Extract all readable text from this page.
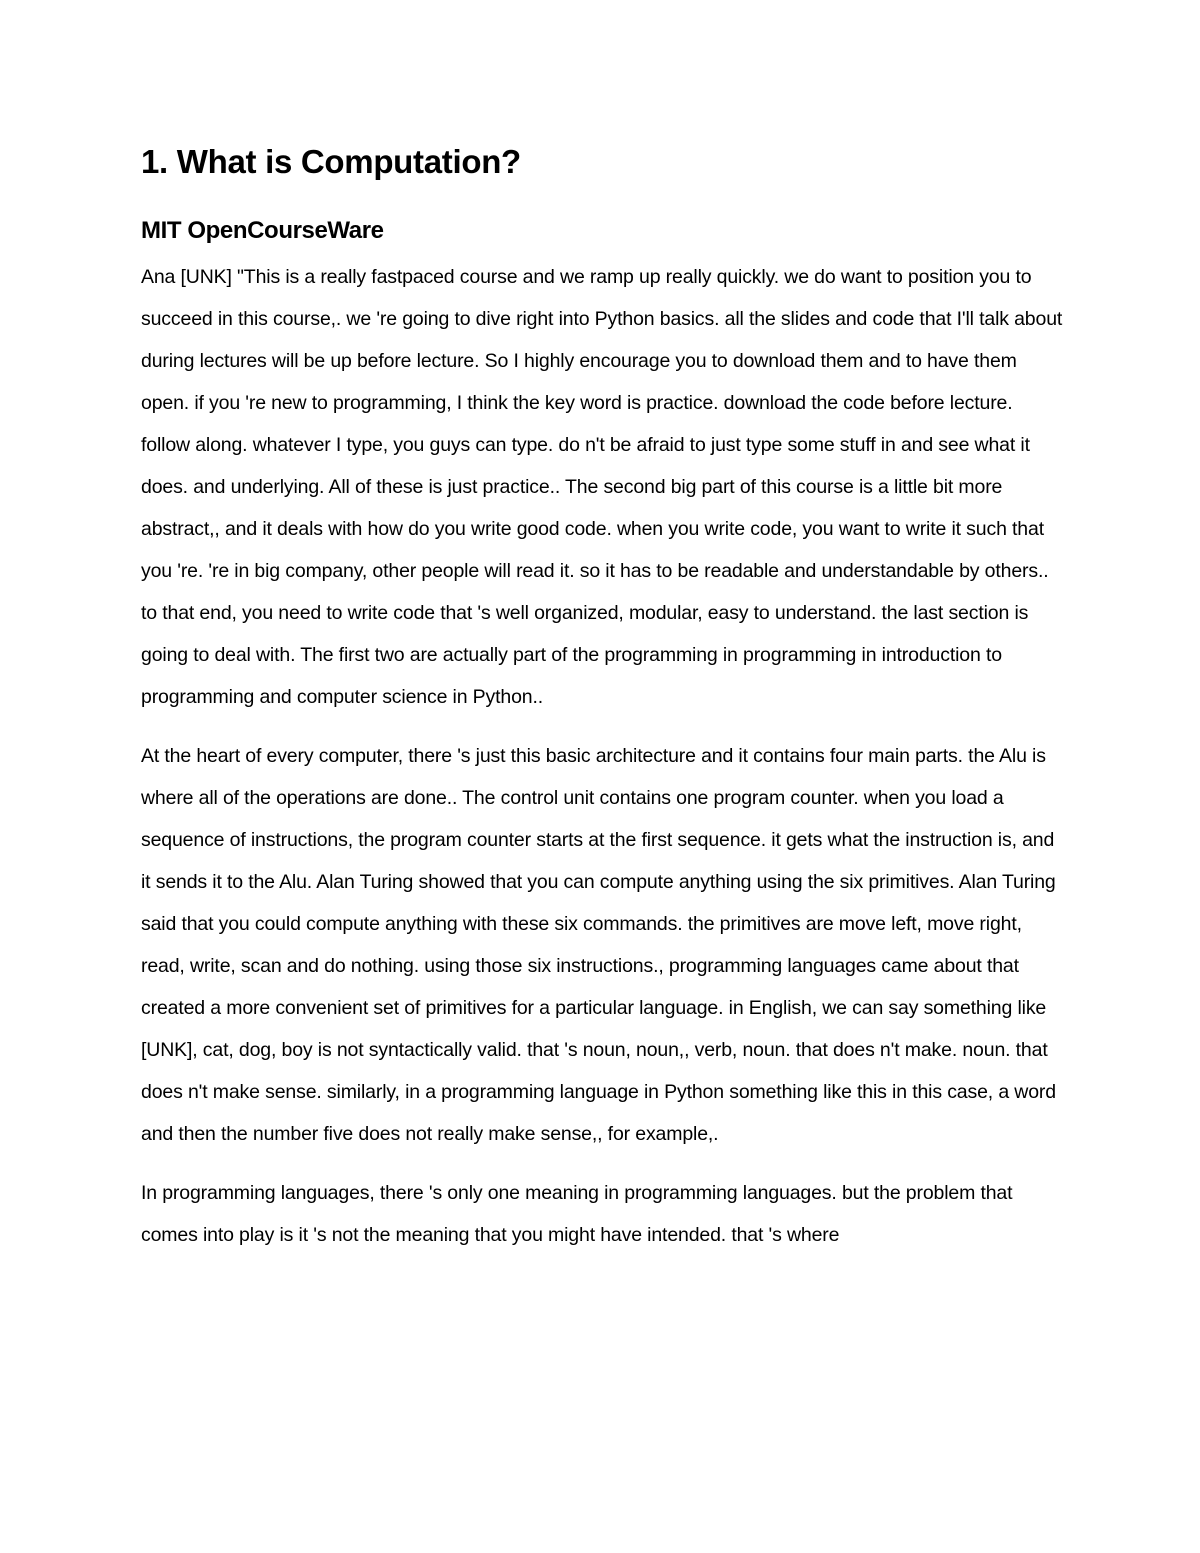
1. What is Computation?
MIT OpenCourseWare

Ana [UNK] "This is a really fastpaced course and we ramp up really quickly. we do want to position you to succeed in this course,. we 're going to dive right into Python basics. all the slides and code that I'll talk about during lectures will be up before lecture. So I highly encourage you to download them and to have them open. if you 're new to programming, I think the key word is practice. download the code before lecture. follow along. whatever I type, you guys can type. do n't be afraid to just type some stuff in and see what it does. and underlying. All of these is just practice.. The second big part of this course is a little bit more abstract,, and it deals with how do you write good code. when you write code, you want to write it such that you 're. 're in big company, other people will read it. so it has to be readable and understandable by others.. to that end, you need to write code that 's well organized, modular, easy to understand. the last section is going to deal with. The first two are actually part of the programming in programming in introduction to programming and computer science in Python..

At the heart of every computer, there 's just this basic architecture and it contains four main parts. the Alu is where all of the operations are done.. The control unit contains one program counter. when you load a sequence of instructions, the program counter starts at the first sequence. it gets what the instruction is, and it sends it to the Alu. Alan Turing showed that you can compute anything using the six primitives. Alan Turing said that you could compute anything with these six commands. the primitives are move left, move right, read, write, scan and do nothing. using those six instructions., programming languages came about that created a more convenient set of primitives for a particular language. in English, we can say something like [UNK], cat, dog, boy is not syntactically valid. that 's noun, noun,, verb, noun. that does n't make. noun. that does n't make sense. similarly, in a programming language in Python something like this in this case, a word and then the number five does not really make sense,, for example,.

In programming languages, there 's only one meaning in programming languages. but the problem that comes into play is it 's not the meaning that you might have intended. that 's where
